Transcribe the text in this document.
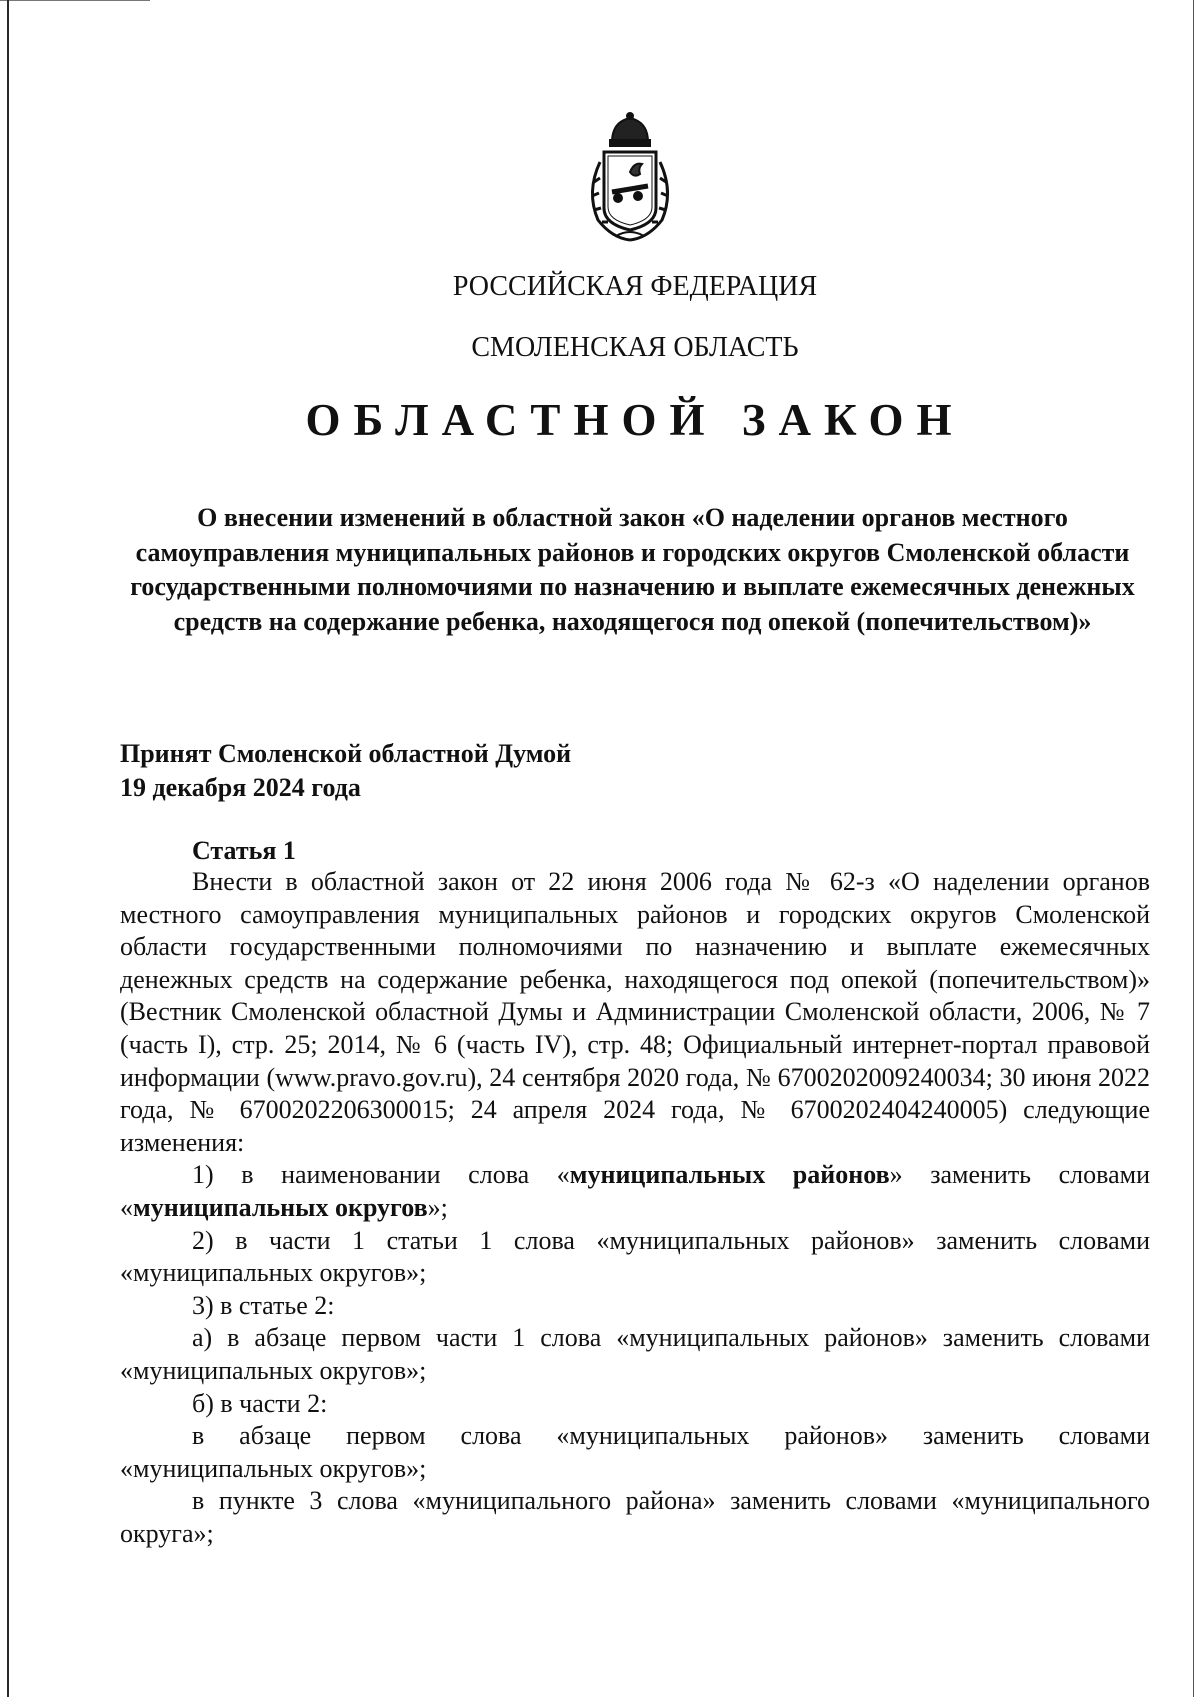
РОССИЙСКАЯ ФЕДЕРАЦИЯ

СМОЛЕНСКАЯ ОБЛАСТЬ

ОБЛАСТНОЙ ЗАКОН

О внесении изменений в областной закон «О наделении органов местного самоуправления муниципальных районов и городских округов Смоленской области государственными полномочиями по назначению и выплате ежемесячных денежных средств на содержание ребенка, находящегося под опекой (попечительством)»

Принят Смоленской областной Думой
19 декабря 2024 года

Статья 1

Внести в областной закон от 22 июня 2006 года № 62-з «О наделении органов местного самоуправления муниципальных районов и городских округов Смоленской области государственными полномочиями по назначению и выплате ежемесячных денежных средств на содержание ребенка, находящегося под опекой (попечительством)» (Вестник Смоленской областной Думы и Администрации Смоленской области, 2006, № 7 (часть I), стр. 25; 2014, № 6 (часть IV), стр. 48; Официальный интернет-портал правовой информации (www.pravo.gov.ru), 24 сентября 2020 года, № 6700202009240034; 30 июня 2022 года, № 6700202206300015; 24 апреля 2024 года, № 6700202404240005) следующие изменения:

1) в наименовании слова «муниципальных районов» заменить словами «муниципальных округов»;

2) в части 1 статьи 1 слова «муниципальных районов» заменить словами «муниципальных округов»;

3) в статье 2:

а) в абзаце первом части 1 слова «муниципальных районов» заменить словами «муниципальных округов»;

б) в части 2:

в абзаце первом слова «муниципальных районов» заменить словами «муниципальных округов»;

в пункте 3 слова «муниципального района» заменить словами «муниципального округа»;
